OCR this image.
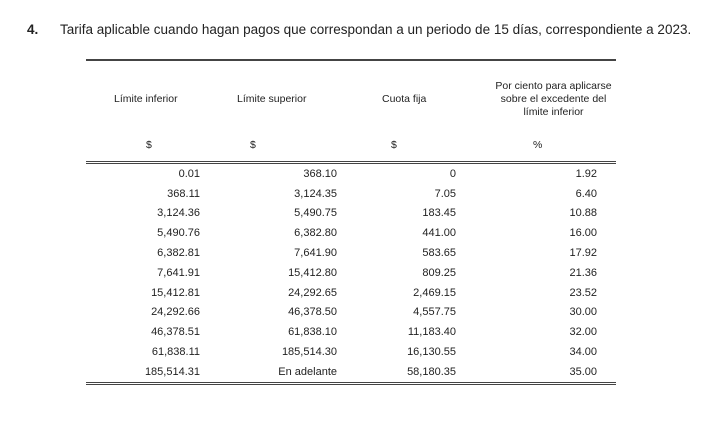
4. Tarifa aplicable cuando hagan pagos que correspondan a un periodo de 15 días, correspondiente a 2023.

Límite inferior	Límite superior	Cuota fija	Por ciento para aplicarse sobre el excedente del límite inferior
$	$	$	%

0.01	368.10	0	1.92
368.11	3,124.35	7.05	6.40
3,124.36	5,490.75	183.45	10.88
5,490.76	6,382.80	441.00	16.00
6,382.81	7,641.90	583.65	17.92
7,641.91	15,412.80	809.25	21.36
15,412.81	24,292.65	2,469.15	23.52
24,292.66	46,378.50	4,557.75	30.00
46,378.51	61,838.10	11,183.40	32.00
61,838.11	185,514.30	16,130.55	34.00
185,514.31	En adelante	58,180.35	35.00
